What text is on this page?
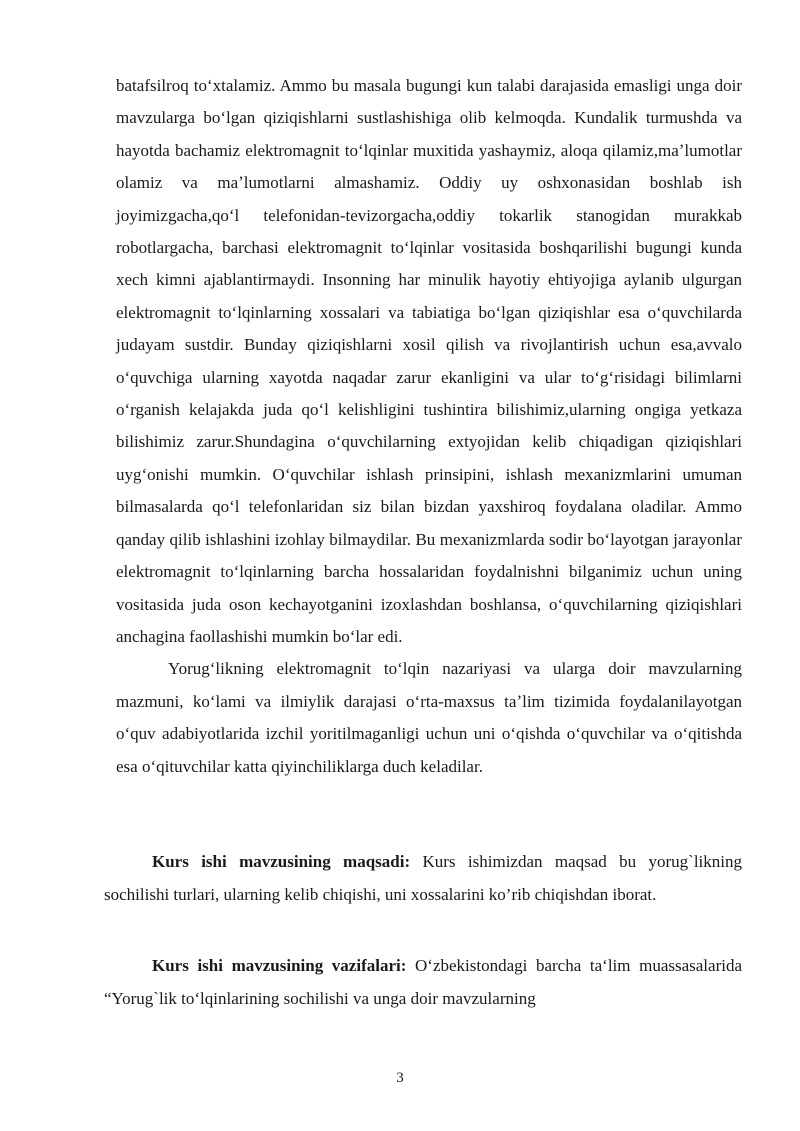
batafsilroq toʻxtalamiz. Ammo bu masala bugungi kun talabi darajasida emasligi unga doir mavzularga boʻlgan qiziqishlarni sustlashishiga olib kelmoqda. Kundalik turmushda va hayotda bachamiz elektromagnit toʻlqinlar muxitida yashaymiz, aloqa qilamiz,maʼlumotlar olamiz va maʼlumotlarni almashamiz. Oddiy uy oshxonasidan boshlab ish joyimizgacha,qoʻl telefonidan-tevizorgacha,oddiy tokarlik stanogidan murakkab robotlargacha, barchasi elektromagnit toʻlqinlar vositasida boshqarilishi bugungi kunda xech kimni ajablantirmaydi. Insonning har minulik hayotiy ehtiyojiga aylanib ulgurgan elektromagnit toʻlqinlarning xossalari va tabiatiga boʻlgan qiziqishlar esa oʻquvchilarda judayam sustdir. Bunday qiziqishlarni xosil qilish va rivojlantirish uchun esa,avvalo oʻquvchiga ularning xayotda naqadar zarur ekanligini va ular toʻgʻrisidagi bilimlarni oʻrganish kelajakda juda qoʻl kelishligini tushintira bilishimiz,ularning ongiga yetkaza bilishimiz zarur.Shundagina oʻquvchilarning extyojidan kelib chiqadigan qiziqishlari uygʻonishi mumkin. Oʻquvchilar ishlash prinsipini, ishlash mexanizmlarini umuman bilmasalarda qoʻl telefonlaridan siz bilan bizdan yaxshiroq foydalana oladilar. Ammo qanday qilib ishlashini izohlay bilmaydilar. Bu mexanizmlarda sodir boʻlayotgan jarayonlar elektromagnit toʻlqinlarning barcha hossalaridan foydalnishni bilganimiz uchun uning vositasida juda oson kechayotganini izoxlashdan boshlansa, oʻquvchilarning qiziqishlari anchagina faollashishi mumkin boʻlar edi.

Yorugʻlikning elektromagnit toʻlqin nazariyasi va ularga doir mavzularning mazmuni, koʻlami va ilmiylik darajasi oʻrta-maxsus taʼlim tizimida foydalanilayotgan oʻquv adabiyotlarida izchil yoritilmaganligi uchun uni oʻqishda oʻquvchilar va oʻqitishda esa oʻqituvchilar katta qiyinchiliklarga duch keladilar.

Kurs ishi mavzusining maqsadi: Kurs ishimizdan maqsad bu yorug`likning sochilishi turlari, ularning kelib chiqishi, uni xossalarini ko’rib chiqishdan iborat.

Kurs ishi mavzusining vazifalari: Oʻzbekistondagi barcha taʻlim muassasalarida “Yorug`lik toʻlqinlarining sochilishi va unga doir mavzularning

3
